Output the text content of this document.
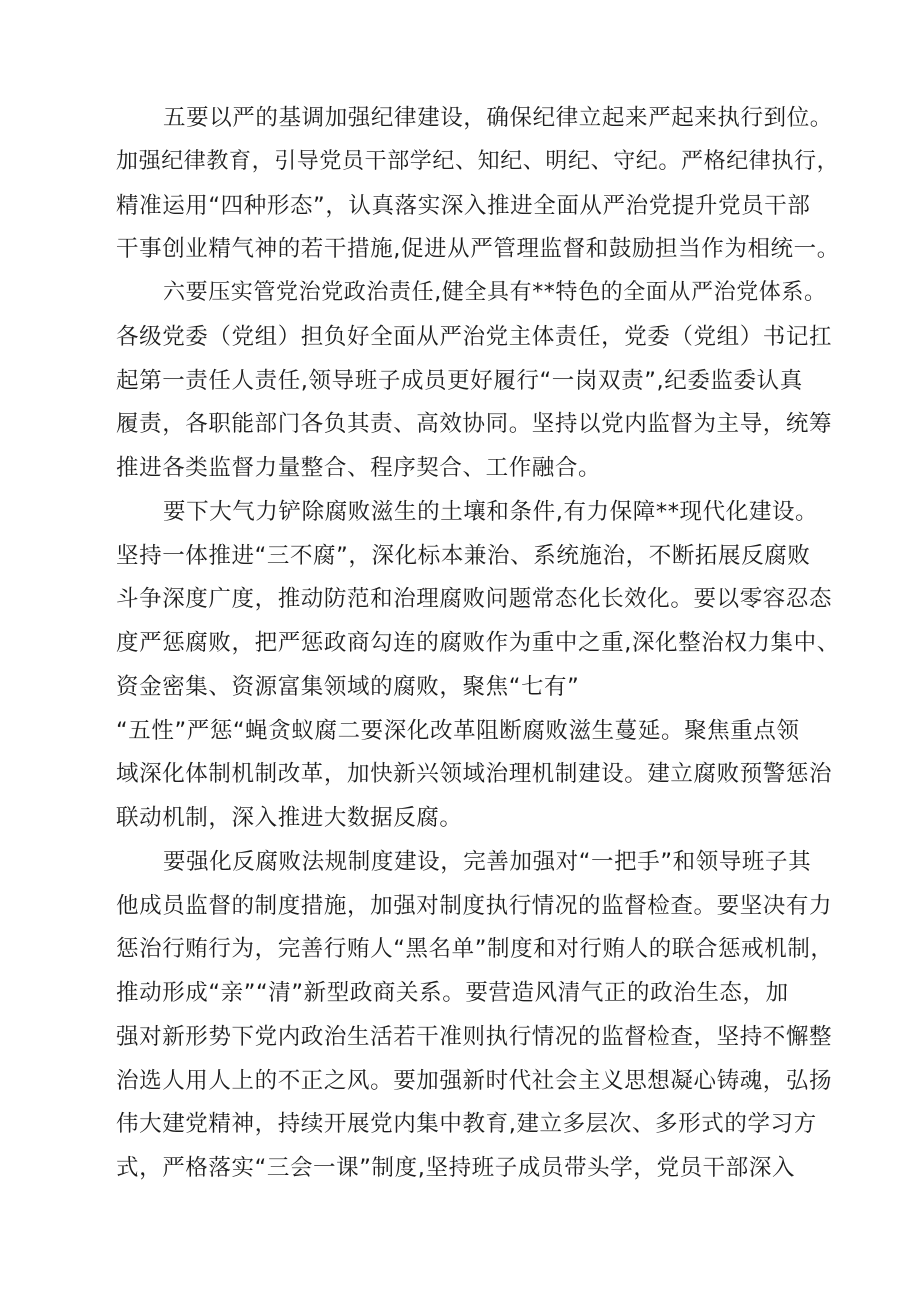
五要以严的基调加强纪律建设，确保纪律立起来严起来执行到位。
加强纪律教育，引导党员干部学纪、知纪、明纪、守纪。严格纪律执行，
精准运用“四种形态”，认真落实深入推进全面从严治党提升党员干部
干事创业精气神的若干措施,促进从严管理监督和鼓励担当作为相统一。
六要压实管党治党政治责任,健全具有**特色的全面从严治党体系。
各级党委（党组）担负好全面从严治党主体责任，党委（党组）书记扛
起第一责任人责任,领导班子成员更好履行“一岗双责”,纪委监委认真
履责，各职能部门各负其责、高效协同。坚持以党内监督为主导，统筹
推进各类监督力量整合、程序契合、工作融合。
要下大气力铲除腐败滋生的土壤和条件,有力保障**现代化建设。
坚持一体推进“三不腐”，深化标本兼治、系统施治，不断拓展反腐败
斗争深度广度，推动防范和治理腐败问题常态化长效化。要以零容忍态
度严惩腐败，把严惩政商勾连的腐败作为重中之重,深化整治权力集中、
资金密集、资源富集领域的腐败，聚焦“七有”
“五性”严惩“蝇贪蚁腐二要深化改革阻断腐败滋生蔓延。聚焦重点领
域深化体制机制改革，加快新兴领域治理机制建设。建立腐败预警惩治
联动机制，深入推进大数据反腐。
要强化反腐败法规制度建设，完善加强对“一把手”和领导班子其
他成员监督的制度措施，加强对制度执行情况的监督检查。要坚决有力
惩治行贿行为，完善行贿人“黑名单”制度和对行贿人的联合惩戒机制，
推动形成“亲”“清”新型政商关系。要营造风清气正的政治生态，加
强对新形势下党内政治生活若干准则执行情况的监督检查，坚持不懈整
治选人用人上的不正之风。要加强新时代社会主义思想凝心铸魂，弘扬
伟大建党精神，持续开展党内集中教育,建立多层次、多形式的学习方
式，严格落实“三会一课”制度,坚持班子成员带头学，党员干部深入
